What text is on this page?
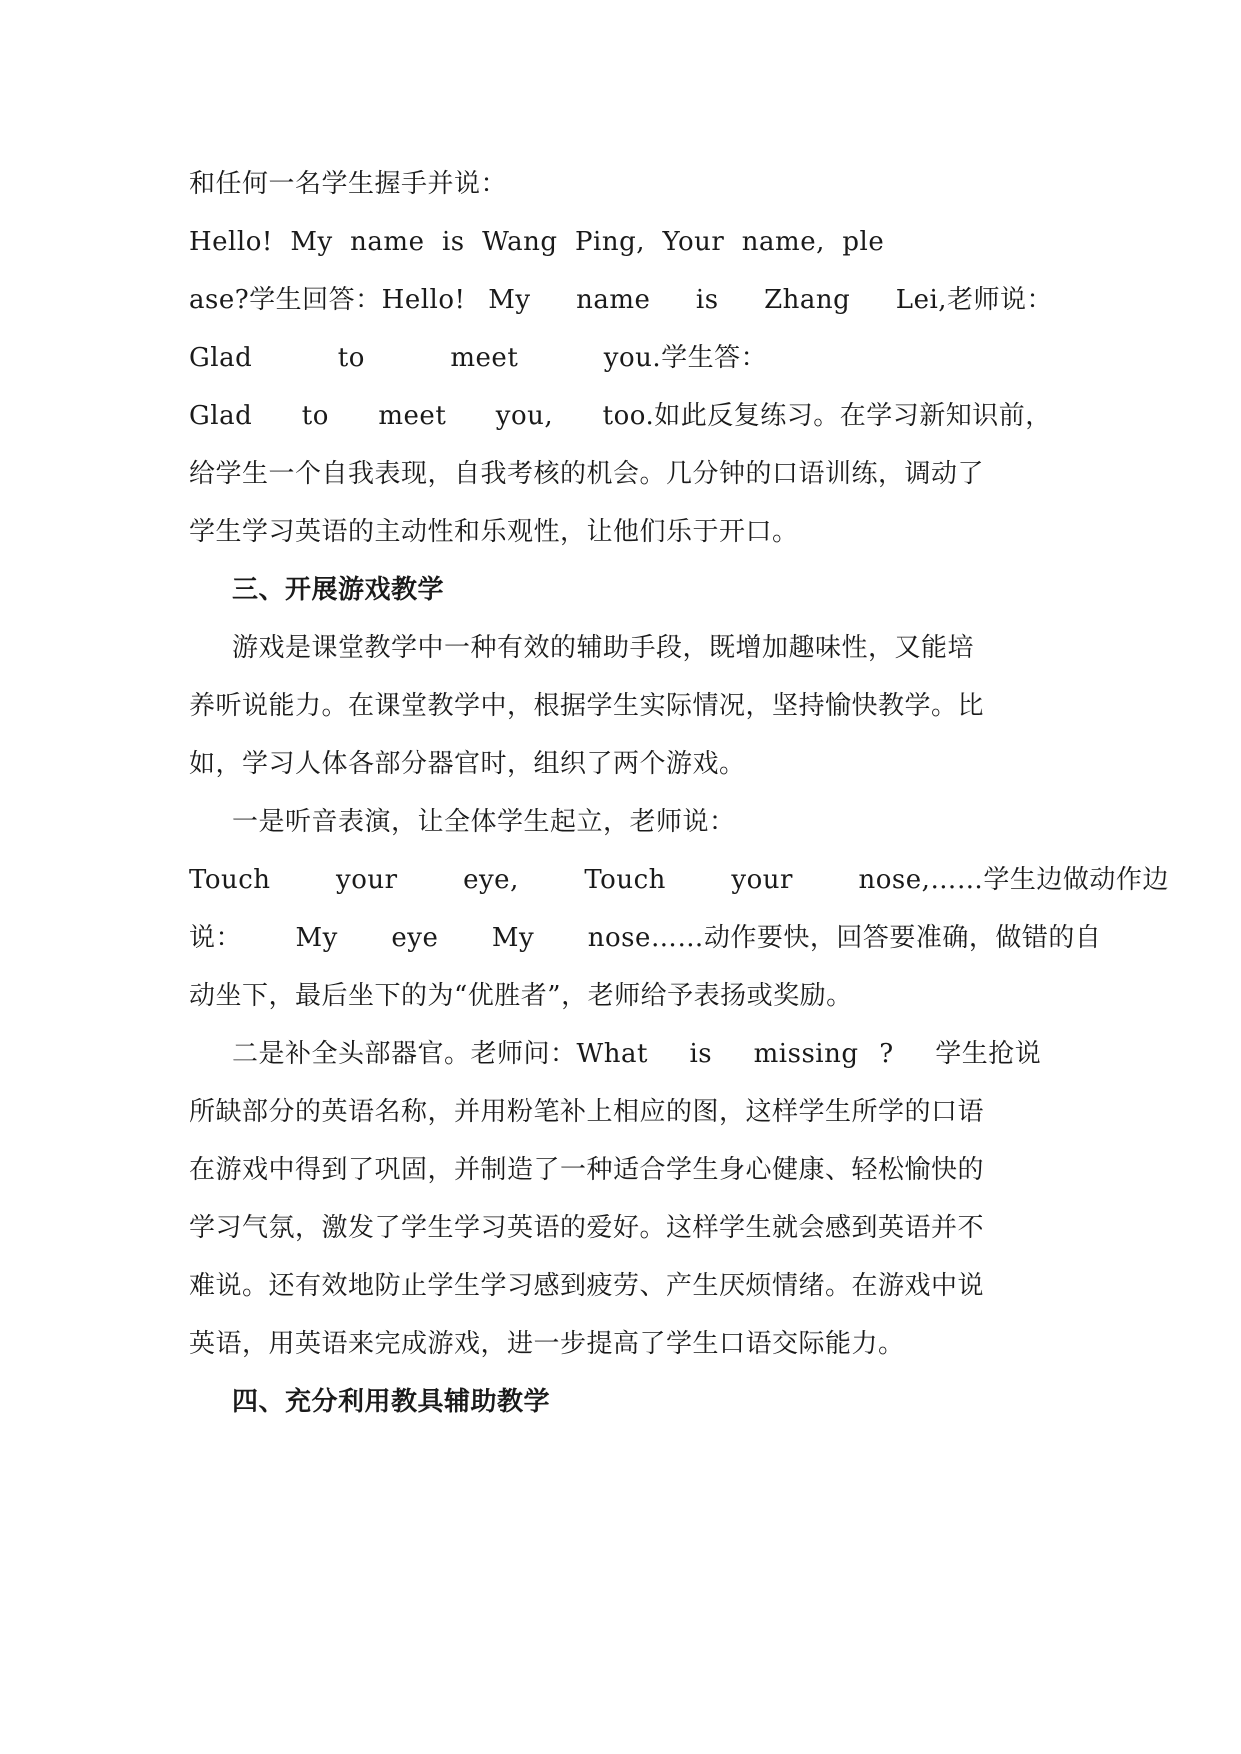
和任何一名学生握手并说：
Hello!  My  name  is  Wang  Ping,  Your  name,  ple
ase?学生回答：Hello! My  name  is  Zhang  Lei,老师说：
Glad  to  meet  you.学生答：
Glad  to  meet  you,  too.如此反复练习。在学习新知识前，
给学生一个自我表现，自我考核的机会。几分钟的口语训练，调动了
学生学习英语的主动性和乐观性，让他们乐于开口。
三、开展游戏教学
游戏是课堂教学中一种有效的辅助手段，既增加趣味性，又能培
养听说能力。在课堂教学中，根据学生实际情况，坚持愉快教学。比
如，学习人体各部分器官时，组织了两个游戏。
一是听音表演，让全体学生起立，老师说：
Touch  your  eye,  Touch  your  nose,……学生边做动作边
说：  My  eye  My  nose……动作要快，回答要准确，做错的自
动坐下，最后坐下的为“优胜者”，老师给予表扬或奖励。
二是补全头部器官。老师问：What  is  missing ?  学生抢说
所缺部分的英语名称，并用粉笔补上相应的图，这样学生所学的口语
在游戏中得到了巩固，并制造了一种适合学生身心健康、轻松愉快的
学习气氛，激发了学生学习英语的爱好。这样学生就会感到英语并不
难说。还有效地防止学生学习感到疲劳、产生厌烦情绪。在游戏中说
英语，用英语来完成游戏，进一步提高了学生口语交际能力。
四、充分利用教具辅助教学
